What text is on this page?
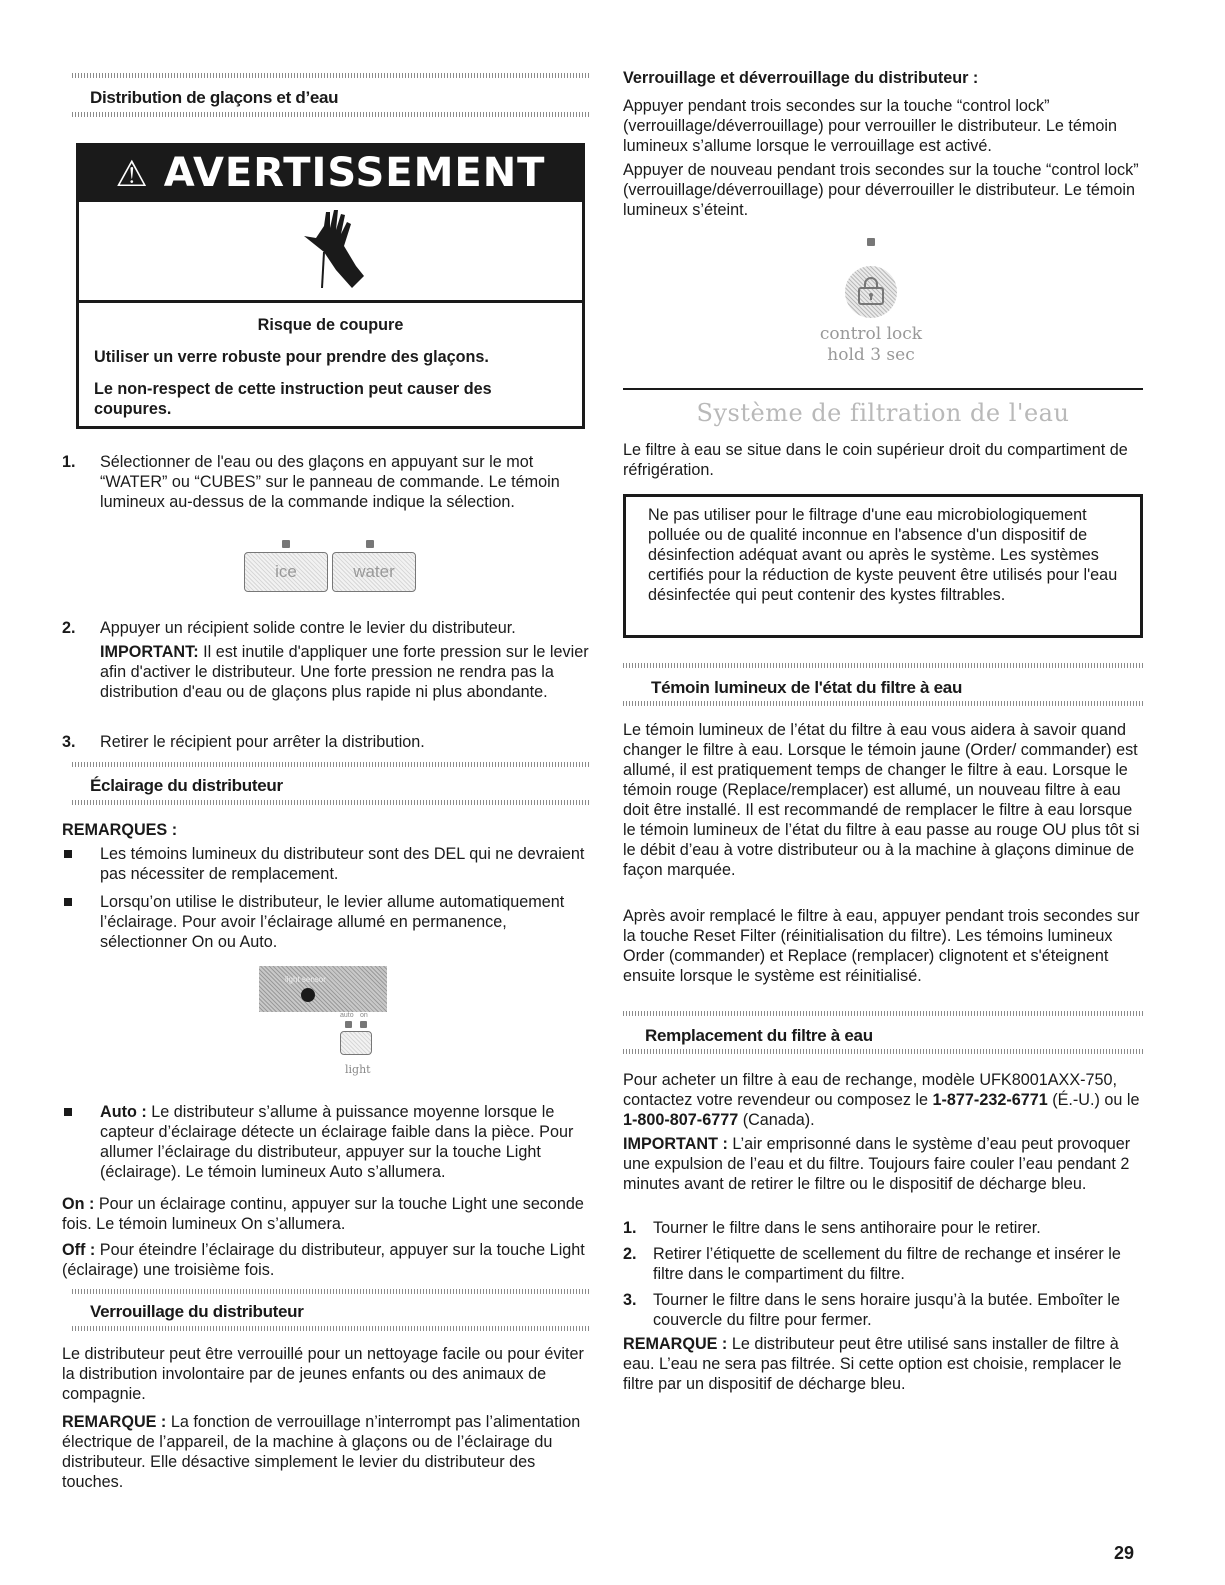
Distribution de glaçons et d’eau
⚠ AVERTISSEMENT
Risque de coupure

Utiliser un verre robuste pour prendre des glaçons.

Le non-respect de cette instruction peut causer des coupures.

1. Sélectionner de l'eau ou des glaçons en appuyant sur le mot “WATER” ou “CUBES” sur le panneau de commande. Le témoin lumineux au-dessus de la commande indique la sélection.

ice	water
2. Appuyer un récipient solide contre le levier du distributeur.

IMPORTANT: Il est inutile d'appliquer une forte pression sur le levier afin d'activer le distributeur. Une forte pression ne rendra pas la distribution d'eau ou de glaçons plus rapide ni plus abondante.

3. Retirer le récipient pour arrêter la distribution.

Éclairage du distributeur
REMARQUES :

Les témoins lumineux du distributeur sont des DEL qui ne devraient pas nécessiter de remplacement.

Lorsqu’on utilise le distributeur, le levier allume automatiquement l’éclairage. Pour avoir l’éclairage allumé en permanence, sélectionner On ou Auto.

light sensor
auto on
light

Auto : Le distributeur s’allume à puissance moyenne lorsque le capteur d’éclairage détecte un éclairage faible dans la pièce. Pour allumer l’éclairage du distributeur, appuyer sur la touche Light (éclairage). Le témoin lumineux Auto s’allumera.

On : Pour un éclairage continu, appuyer sur la touche Light une seconde fois. Le témoin lumineux On s’allumera.

Off : Pour éteindre l’éclairage du distributeur, appuyer sur la touche Light (éclairage) une troisième fois.

Verrouillage du distributeur

Le distributeur peut être verrouillé pour un nettoyage facile ou pour éviter la distribution involontaire par de jeunes enfants ou des animaux de compagnie.

REMARQUE : La fonction de verrouillage n’interrompt pas l’alimentation électrique de l’appareil, de la machine à glaçons ou de l’éclairage du distributeur. Elle désactive simplement le levier du distributeur des touches.

Verrouillage et déverrouillage du distributeur :

Appuyer pendant trois secondes sur la touche “control lock” (verrouillage/déverrouillage) pour verrouiller le distributeur. Le témoin lumineux s’allume lorsque le verrouillage est activé.

Appuyer de nouveau pendant trois secondes sur la touche “control lock” (verrouillage/déverrouillage) pour déverrouiller le distributeur. Le témoin lumineux s’éteint.

control lock
hold 3 sec
Système de filtration de l'eau

Le filtre à eau se situe dans le coin supérieur droit du compartiment de réfrigération.

Ne pas utiliser pour le filtrage d'une eau microbiologiquement polluée ou de qualité inconnue en l'absence d'un dispositif de désinfection adéquat avant ou après le système. Les systèmes certifiés pour la réduction de kyste peuvent être utilisés pour l'eau désinfectée qui peut contenir des kystes filtrables.

Témoin lumineux de l'état du filtre à eau

Le témoin lumineux de l’état du filtre à eau vous aidera à savoir quand changer le filtre à eau. Lorsque le témoin jaune (Order/ commander) est allumé, il est pratiquement temps de changer le filtre à eau. Lorsque le témoin rouge (Replace/remplacer) est allumé, un nouveau filtre à eau doit être installé. Il est recommandé de remplacer le filtre à eau lorsque le témoin lumineux de l’état du filtre à eau passe au rouge OU plus tôt si le débit d’eau à votre distributeur ou à la machine à glaçons diminue de façon marquée.

Après avoir remplacé le filtre à eau, appuyer pendant trois secondes sur la touche Reset Filter (réinitialisation du filtre). Les témoins lumineux Order (commander) et Replace (remplacer) clignotent et s'éteignent ensuite lorsque le système est réinitialisé.

Remplacement du filtre à eau

Pour acheter un filtre à eau de rechange, modèle UFK8001AXX-750, contactez votre revendeur ou composez le 1-877-232-6771 (É.-U.) ou le 1-800-807-6777 (Canada).

IMPORTANT : L’air emprisonné dans le système d’eau peut provoquer une expulsion de l’eau et du filtre. Toujours faire couler l’eau pendant 2 minutes avant de retirer le filtre ou le dispositif de décharge bleu.

1. Tourner le filtre dans le sens antihoraire pour le retirer.

2. Retirer l’étiquette de scellement du filtre de rechange et insérer le filtre dans le compartiment du filtre.

3. Tourner le filtre dans le sens horaire jusqu’à la butée. Emboîter le couvercle du filtre pour fermer.

REMARQUE : Le distributeur peut être utilisé sans installer de filtre à eau. L’eau ne sera pas filtrée. Si cette option est choisie, remplacer le filtre par un dispositif de décharge bleu.

29
